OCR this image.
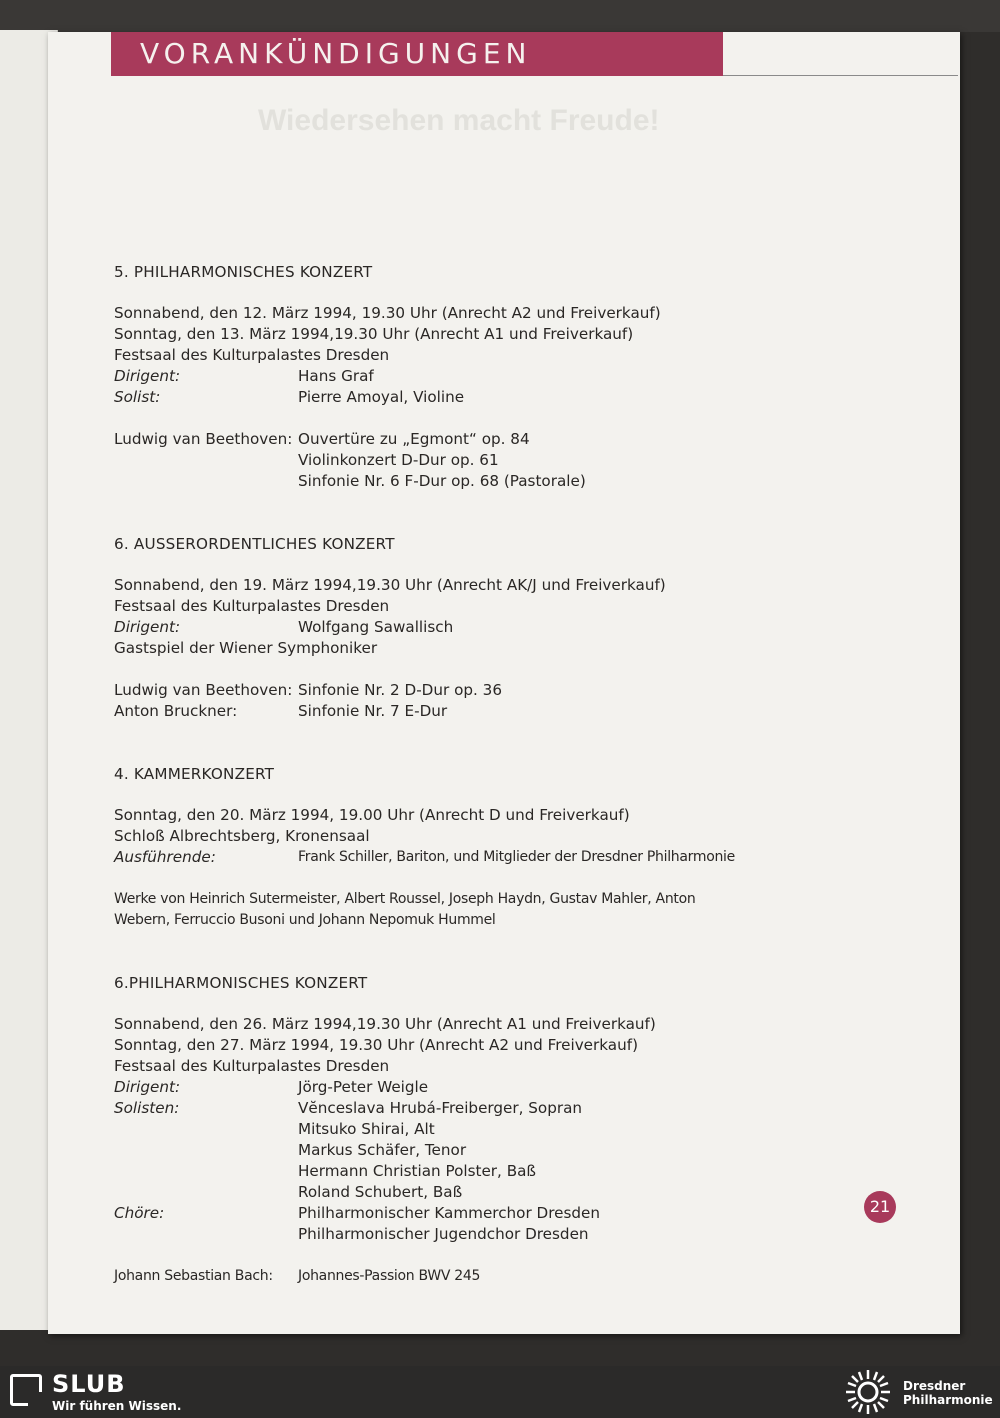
VORANKÜNDIGUNGEN
Wiedersehen macht Freude!
5. PHILHARMONISCHES KONZERT
Sonnabend, den 12. März 1994, 19.30 Uhr (Anrecht A2 und Freiverkauf)
Sonntag, den 13. März 1994,19.30 Uhr (Anrecht A1 und Freiverkauf)
Festsaal des Kulturpalastes Dresden
Dirigent:	Hans Graf
Solist:	Pierre Amoyal, Violine
Ludwig van Beethoven: Ouvertüre zu „Egmont“ op. 84
Violinkonzert D-Dur op. 61
Sinfonie Nr. 6 F-Dur op. 68 (Pastorale)
6. AUSSERORDENTLICHES KONZERT
Sonnabend, den 19. März 1994,19.30 Uhr (Anrecht AK/J und Freiverkauf)
Festsaal des Kulturpalastes Dresden
Dirigent:	Wolfgang Sawallisch
Gastspiel der Wiener Symphoniker
Ludwig van Beethoven: Sinfonie Nr. 2 D-Dur op. 36
Anton Bruckner:	Sinfonie Nr. 7 E-Dur
4. KAMMERKONZERT
Sonntag, den 20. März 1994, 19.00 Uhr (Anrecht D und Freiverkauf)
Schloß Albrechtsberg, Kronensaal
Ausführende:	Frank Schiller, Bariton, und Mitglieder der Dresdner Philharmonie
Werke von Heinrich Sutermeister, Albert Roussel, Joseph Haydn, Gustav Mahler, Anton
Webern, Ferruccio Busoni und Johann Nepomuk Hummel
6.PHILHARMONISCHES KONZERT
Sonnabend, den 26. März 1994,19.30 Uhr (Anrecht A1 und Freiverkauf)
Sonntag, den 27. März 1994, 19.30 Uhr (Anrecht A2 und Freiverkauf)
Festsaal des Kulturpalastes Dresden
Dirigent:	Jörg-Peter Weigle
Solisten:	Vĕnceslava Hrubá-Freiberger, Sopran
Mitsuko Shirai, Alt
Markus Schäfer, Tenor
Hermann Christian Polster, Baß
Roland Schubert, Baß
Chöre:	Philharmonischer Kammerchor Dresden
Philharmonischer Jugendchor Dresden
Johann Sebastian Bach:	Johannes-Passion BWV 245
21
SLUB
Wir führen Wissen.
Dresdner
Philharmonie
